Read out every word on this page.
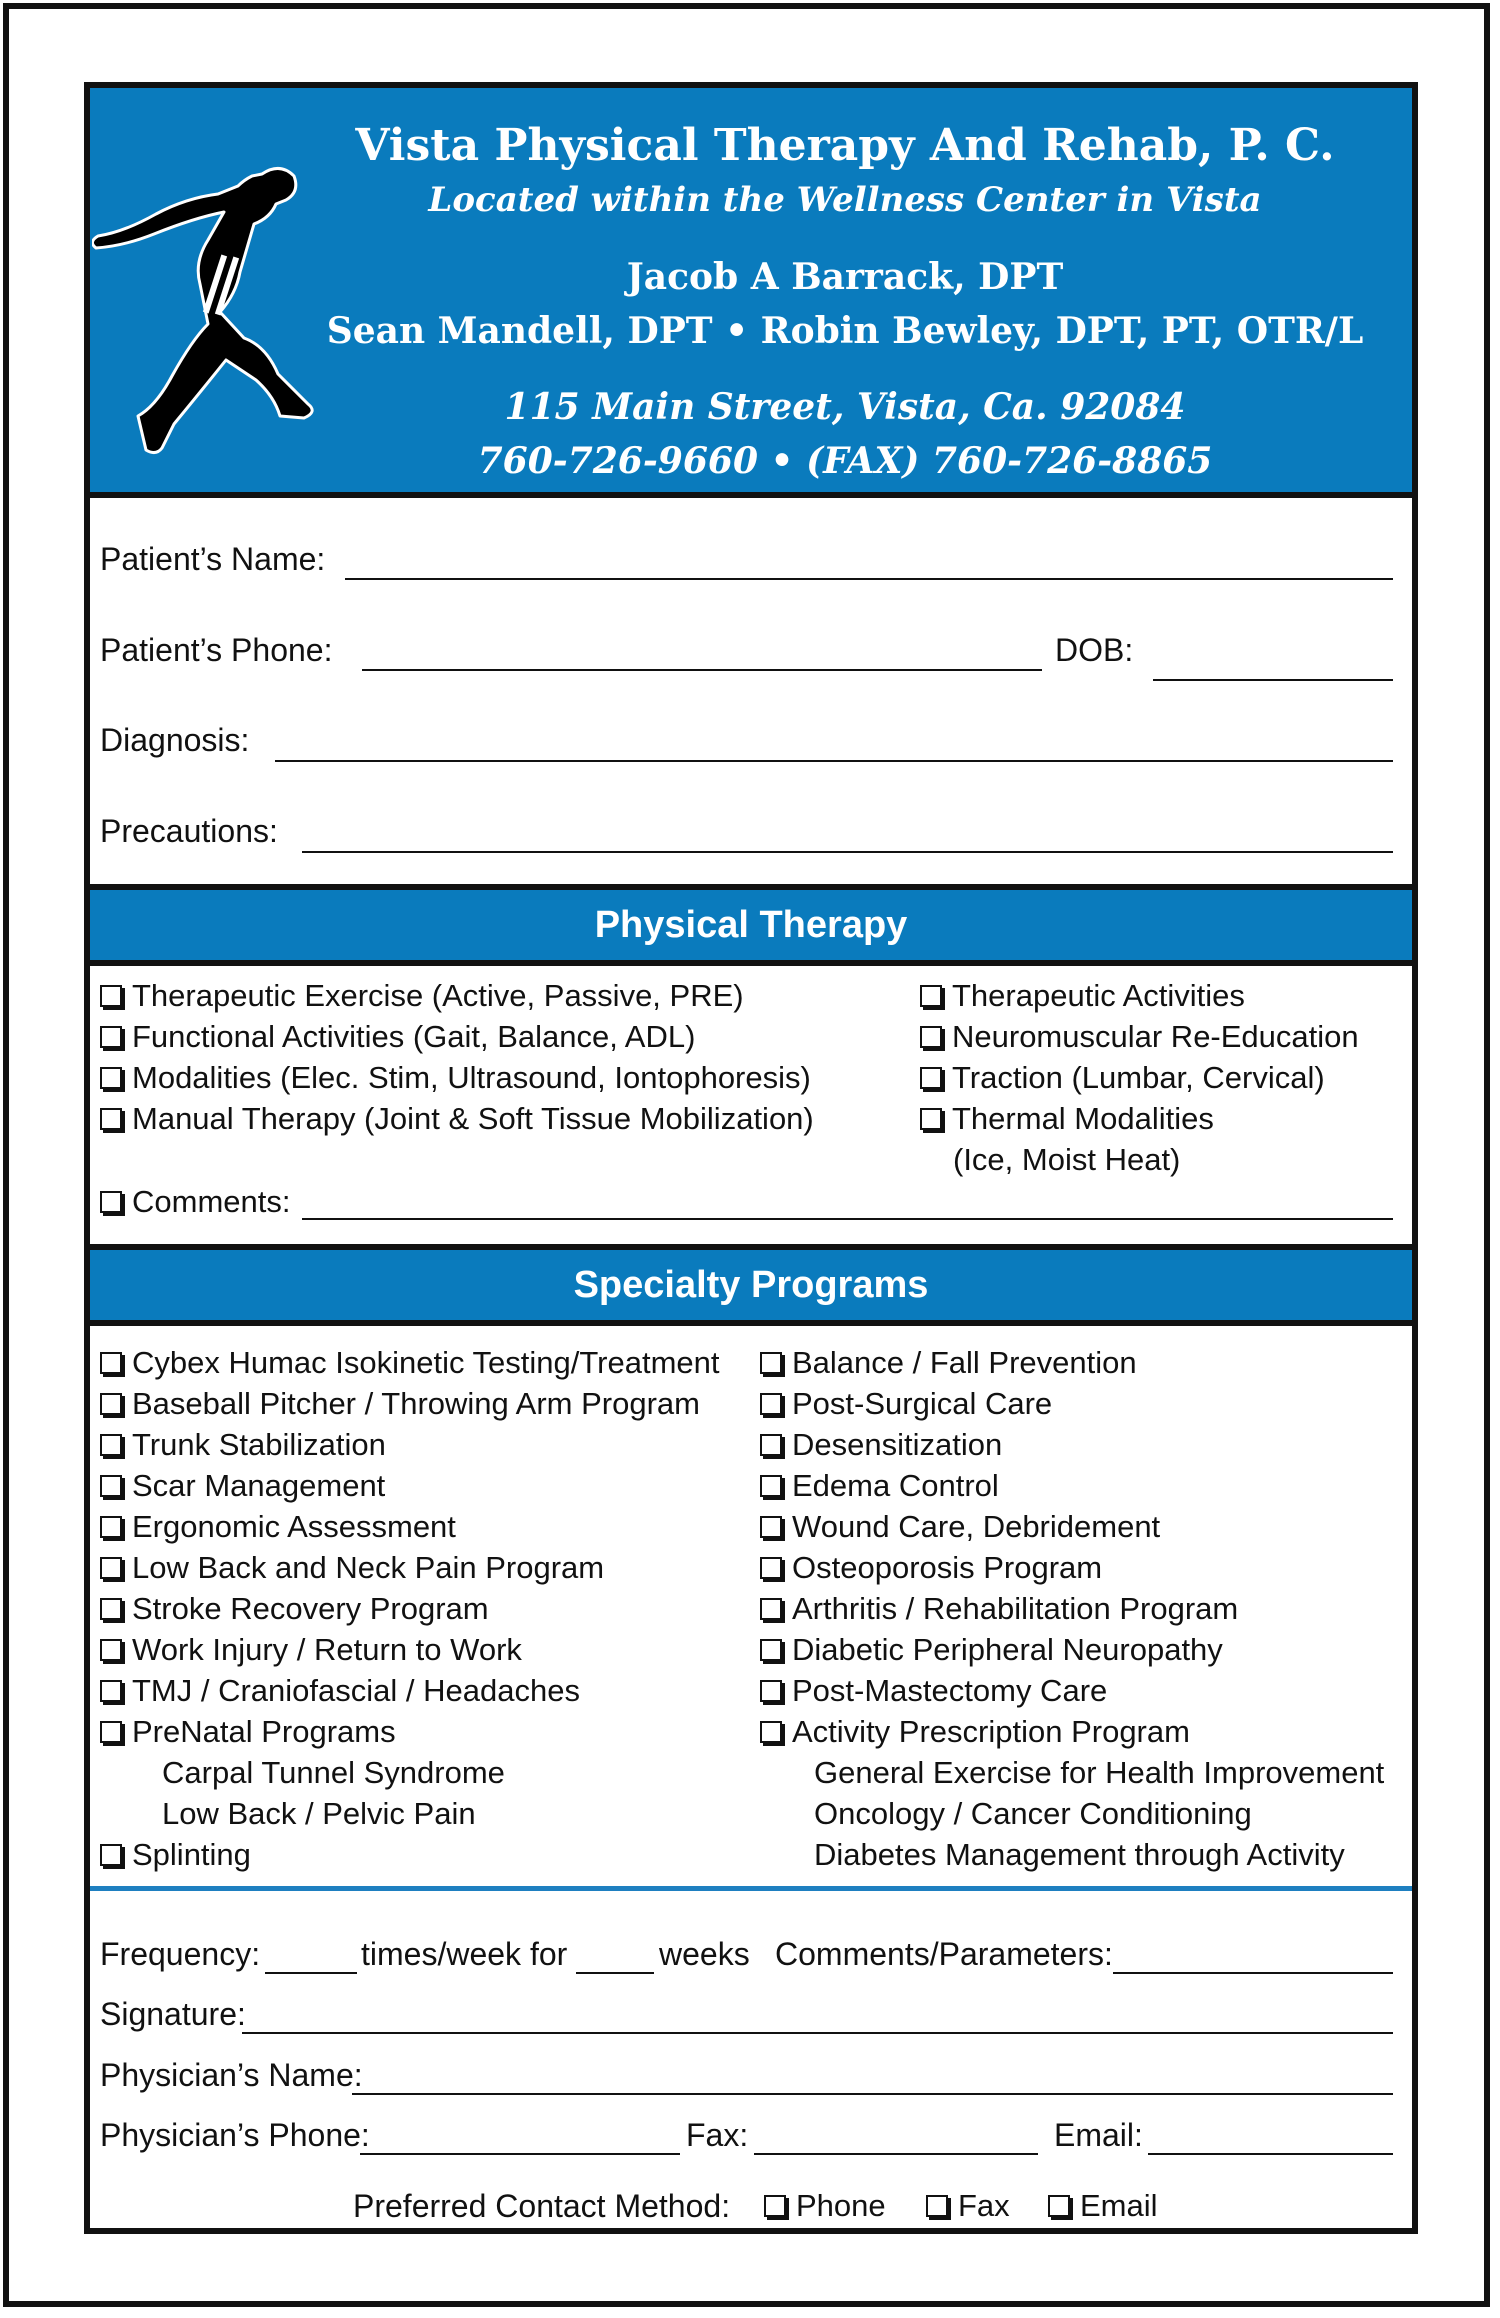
Vista Physical Therapy And Rehab, P. C.
Located within the Wellness Center in Vista
Jacob A Barrack, DPT
Sean Mandell, DPT • Robin Bewley, DPT, PT, OTR/L
115 Main Street, Vista, Ca. 92084
760-726-9660 • (FAX) 760-726-8865
Patient’s Name:
Patient’s Phone:	DOB:
Diagnosis:
Precautions:
Physical Therapy
Therapeutic Exercise (Active, Passive, PRE)
Functional Activities (Gait, Balance, ADL)
Modalities (Elec. Stim, Ultrasound, Iontophoresis)
Manual Therapy (Joint & Soft Tissue Mobilization)
Therapeutic Activities
Neuromuscular Re-Education
Traction (Lumbar, Cervical)
Thermal Modalities
(Ice, Moist Heat)
Comments:
Specialty Programs
Cybex Humac Isokinetic Testing/Treatment
Baseball Pitcher / Throwing Arm Program
Trunk Stabilization
Scar Management
Ergonomic Assessment
Low Back and Neck Pain Program
Stroke Recovery Program
Work Injury / Return to Work
TMJ / Craniofascial / Headaches
PreNatal Programs
Carpal Tunnel Syndrome
Low Back / Pelvic Pain
Splinting
Balance / Fall Prevention
Post-Surgical Care
Desensitization
Edema Control
Wound Care, Debridement
Osteoporosis Program
Arthritis / Rehabilitation Program
Diabetic Peripheral Neuropathy
Post-Mastectomy Care
Activity Prescription Program
General Exercise for Health Improvement
Oncology / Cancer Conditioning
Diabetes Management through Activity
Frequency:	times/week for	weeks Comments/Parameters:
Signature:
Physician’s Name:
Physician’s Phone:	Fax:	Email:
Preferred Contact Method:	Phone	Fax	Email
